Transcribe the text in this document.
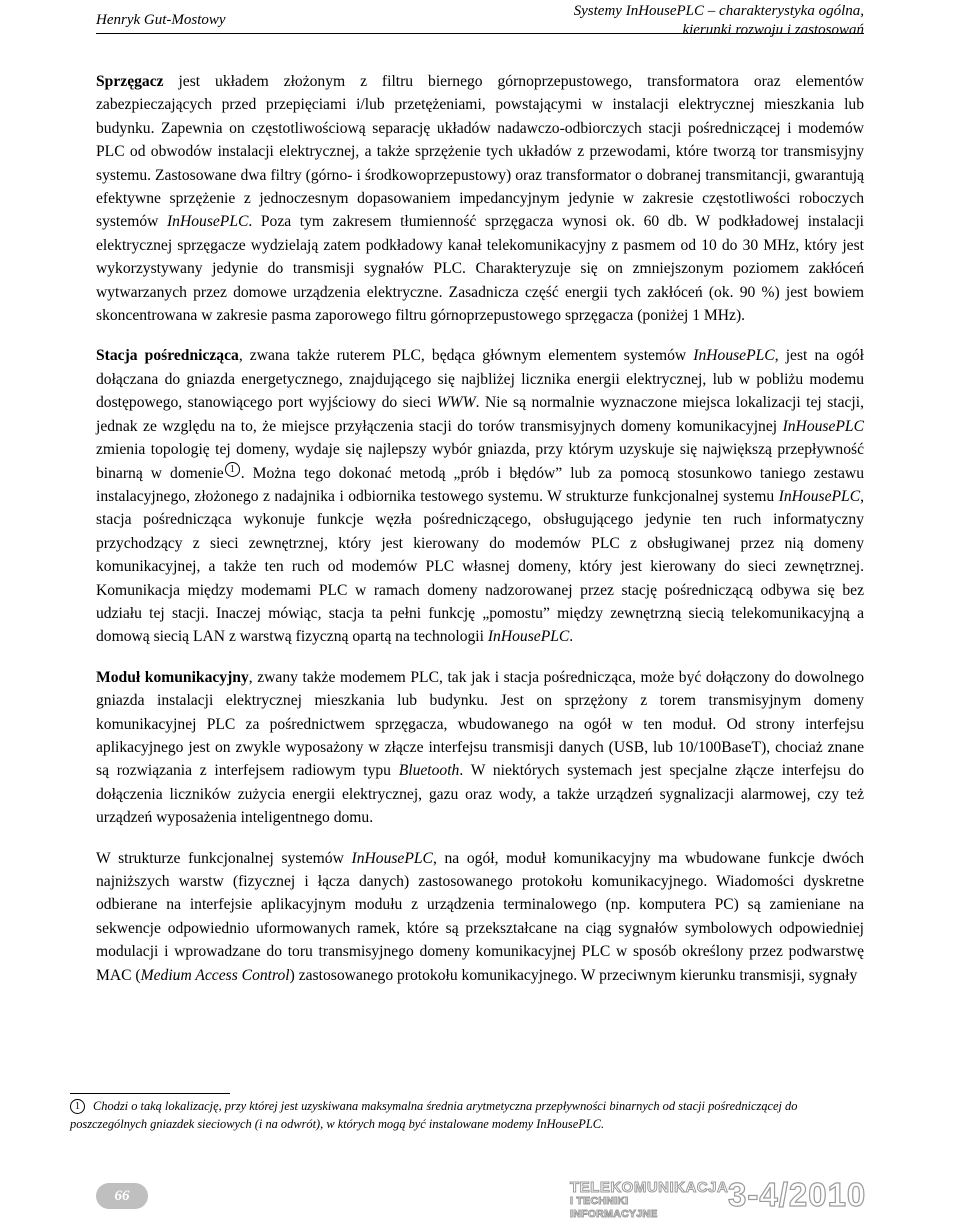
Henryk Gut-Mostowy
Systemy InHousePLC – charakterystyka ogólna,
kierunki rozwoju i zastosowań

Sprzęgacz jest układem złożonym z filtru biernego górnoprzepustowego, transformatora oraz elementów zabezpieczających przed przepięciami i/lub przetężeniami, powstającymi w instalacji elektrycznej mieszkania lub budynku. Zapewnia on częstotliwościową separację układów nadawczo-odbiorczych stacji pośredniczącej i modemów PLC od obwodów instalacji elektrycznej, a także sprzężenie tych układów z przewodami, które tworzą tor transmisyjny systemu. Zastosowane dwa filtry (górno- i środkowoprzepustowy) oraz transformator o dobranej transmitancji, gwarantują efektywne sprzężenie z jednoczesnym dopasowaniem impedancyjnym jedynie w zakresie częstotliwości roboczych systemów InHousePLC. Poza tym zakresem tłumienność sprzęgacza wynosi ok. 60 db. W podkładowej instalacji elektrycznej sprzęgacze wydzielają zatem podkładowy kanał telekomunikacyjny z pasmem od 10 do 30 MHz, który jest wykorzystywany jedynie do transmisji sygnałów PLC. Charakteryzuje się on zmniejszonym poziomem zakłóceń wytwarzanych przez domowe urządzenia elektryczne. Zasadnicza część energii tych zakłóceń (ok. 90 %) jest bowiem skoncentrowana w zakresie pasma zaporowego filtru górnoprzepustowego sprzęgacza (poniżej 1 MHz).

Stacja pośrednicząca, zwana także ruterem PLC, będąca głównym elementem systemów InHousePLC, jest na ogół dołączana do gniazda energetycznego, znajdującego się najbliżej licznika energii elektrycznej, lub w pobliżu modemu dostępowego, stanowiącego port wyjściowy do sieci WWW. Nie są normalnie wyznaczone miejsca lokalizacji tej stacji, jednak ze względu na to, że miejsce przyłączenia stacji do torów transmisyjnych domeny komunikacyjnej InHousePLC zmienia topologię tej domeny, wydaje się najlepszy wybór gniazda, przy którym uzyskuje się największą przepływność binarną w domenie 1 . Można tego dokonać metodą „prób i błędów” lub za pomocą stosunkowo taniego zestawu instalacyjnego, złożonego z nadajnika i odbiornika testowego systemu. W strukturze funkcjonalnej systemu InHousePLC, stacja pośrednicząca wykonuje funkcje węzła pośredniczącego, obsługującego jedynie ten ruch informatyczny przychodzący z sieci zewnętrznej, który jest kierowany do modemów PLC z obsługiwanej przez nią domeny komunikacyjnej, a także ten ruch od modemów PLC własnej domeny, który jest kierowany do sieci zewnętrznej. Komunikacja między modemami PLC w ramach domeny nadzorowanej przez stację pośredniczącą odbywa się bez udziału tej stacji. Inaczej mówiąc, stacja ta pełni funkcję „pomostu” między zewnętrzną siecią telekomunikacyjną a domową siecią LAN z warstwą fizyczną opartą na technologii InHousePLC.

Moduł komunikacyjny, zwany także modemem PLC, tak jak i stacja pośrednicząca, może być dołączony do dowolnego gniazda instalacji elektrycznej mieszkania lub budynku. Jest on sprzężony z torem transmisyjnym domeny komunikacyjnej PLC za pośrednictwem sprzęgacza, wbudowanego na ogół w ten moduł. Od strony interfejsu aplikacyjnego jest on zwykle wyposażony w złącze interfejsu transmisji danych (USB, lub 10/100BaseT), chociaż znane są rozwiązania z interfejsem radiowym typu Bluetooth. W niektórych systemach jest specjalne złącze interfejsu do dołączenia liczników zużycia energii elektrycznej, gazu oraz wody, a także urządzeń sygnalizacji alarmowej, czy też urządzeń wyposażenia inteligentnego domu.

W strukturze funkcjonalnej systemów InHousePLC, na ogół, moduł komunikacyjny ma wbudowane funkcje dwóch najniższych warstw (fizycznej i łącza danych) zastosowanego protokołu komunikacyjnego. Wiadomości dyskretne odbierane na interfejsie aplikacyjnym modułu z urządzenia terminalowego (np. komputera PC) są zamieniane na sekwencje odpowiednio uformowanych ramek, które są przekształcane na ciąg sygnałów symbolowych odpowiedniej modulacji i wprowadzane do toru transmisyjnego domeny komunikacyjnej PLC w sposób określony przez podwarstwę MAC (Medium Access Control) zastosowanego protokołu komunikacyjnego. W przeciwnym kierunku transmisji, sygnały

1 Chodzi o taką lokalizację, przy której jest uzyskiwana maksymalna średnia arytmetyczna przepływności binarnych od stacji pośredniczącej do poszczególnych gniazdek sieciowych (i na odwrót), w których mogą być instalowane modemy InHousePLC.
66	TELEKOMUNIKACJA
I TECHNIKI INFORMACYJNE
3-4/2010
